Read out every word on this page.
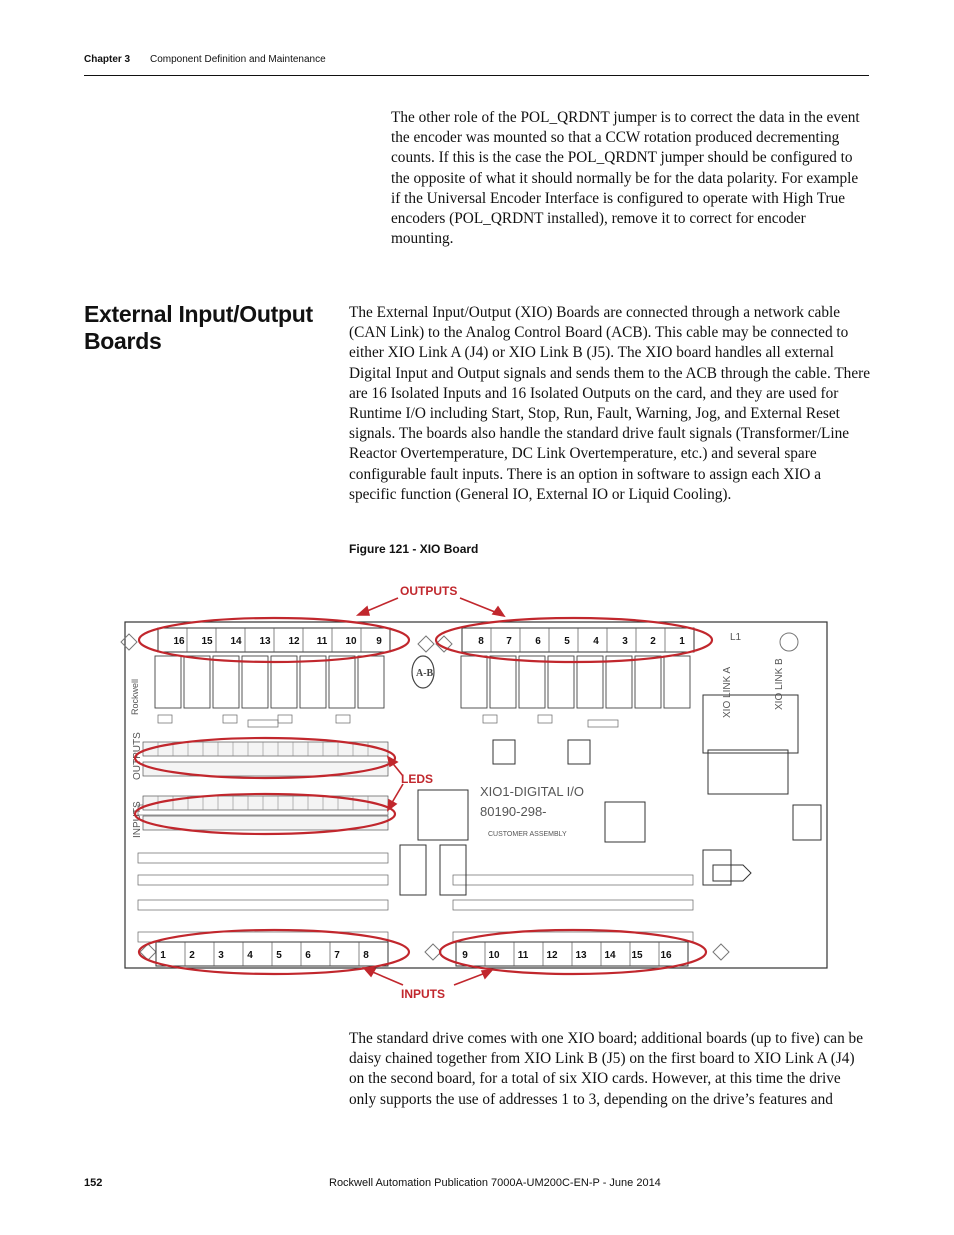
Chapter 3 Component Definition and Maintenance

The other role of the POL_QRDNT jumper is to correct the data in the event the encoder was mounted so that a CCW rotation produced decrementing counts. If this is the case the POL_QRDNT jumper should be configured to the opposite of what it should normally be for the data polarity. For example if the Universal Encoder Interface is configured to operate with High True encoders (POL_QRDNT installed), remove it to correct for encoder mounting.

External Input/Output Boards

The External Input/Output (XIO) Boards are connected through a network cable (CAN Link) to the Analog Control Board (ACB). This cable may be connected to either XIO Link A (J4) or XIO Link B (J5). The XIO board handles all external Digital Input and Output signals and sends them to the ACB through the cable. There are 16 Isolated Inputs and 16 Isolated Outputs on the card, and they are used for Runtime I/O including Start, Stop, Run, Fault, Warning, Jog, and External Reset signals. The boards also handle the standard drive fault signals (Transformer/Line Reactor Overtemperature, DC Link Overtemperature, etc.) and several spare configurable fault inputs. There is an option in software to assign each XIO a specific function (General IO, External IO or Liquid Cooling).

Figure 121 - XIO Board
XIO1-DIGITAL I/O
80190-298-
CUSTOMER ASSEMBLY
XIO LINK A	XIO LINK B
Rockwell
OUTPUTS
INPUTS
L1
A-B
16 15 14 13 12 11 10 9	8 7 6 5 4 3 2 1
1 2 3 4 5 6 7 8	9 10 11 12 13 14 15 16
OUTPUTS
LEDS
INPUTS

The standard drive comes with one XIO board; additional boards (up to five) can be daisy chained together from XIO Link B (J5) on the first board to XIO Link A (J4) on the second board, for a total of six XIO cards. However, at this time the drive only supports the use of addresses 1 to 3, depending on the drive’s features and

152	Rockwell Automation Publication 7000A-UM200C-EN-P - June 2014
